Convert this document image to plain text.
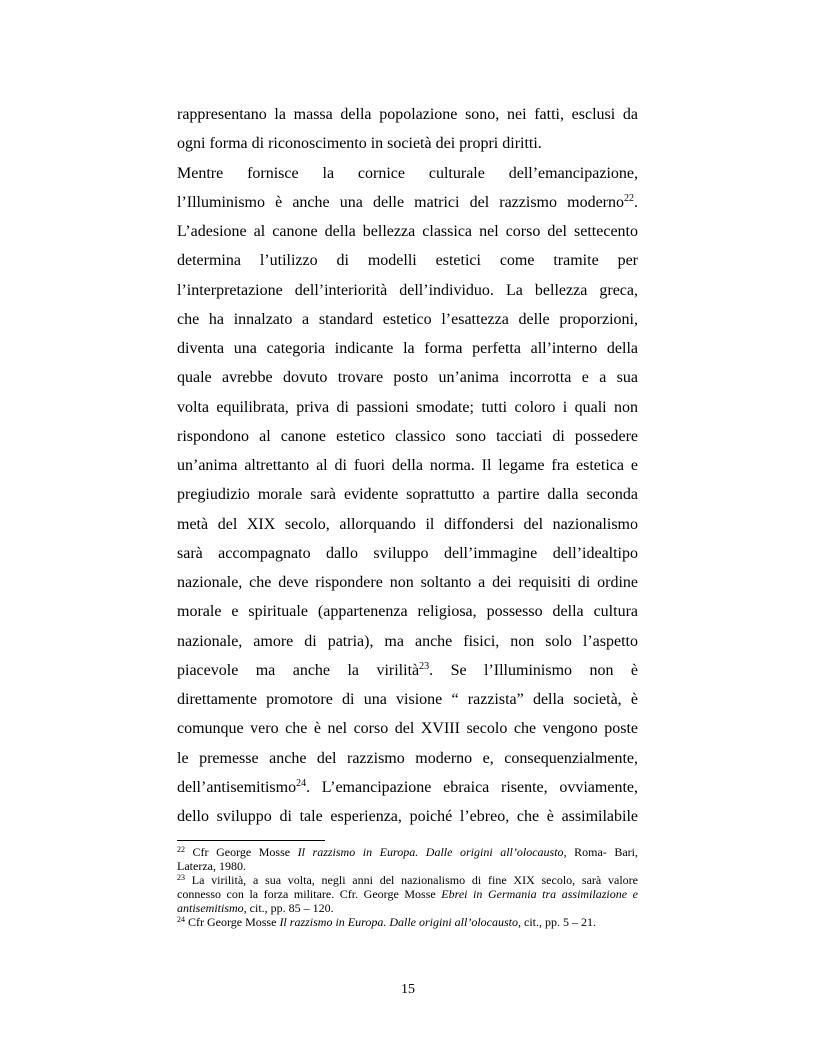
rappresentano la massa della popolazione sono, nei fatti, esclusi da
ogni forma di riconoscimento in società dei propri diritti.
Mentre fornisce la cornice culturale dell’emancipazione,
l’Illuminismo è anche una delle matrici del razzismo moderno$^{22}$.
L’adesione al canone della bellezza classica nel corso del settecento
determina l’utilizzo di modelli estetici come tramite per
l’interpretazione dell’interiorità dell’individuo. La bellezza greca,
che ha innalzato a standard estetico l’esattezza delle proporzioni,
diventa una categoria indicante la forma perfetta all’interno della
quale avrebbe dovuto trovare posto un’anima incorrotta e a sua
volta equilibrata, priva di passioni smodate; tutti coloro i quali non
rispondono al canone estetico classico sono tacciati di possedere
un’anima altrettanto al di fuori della norma. Il legame fra estetica e
pregiudizio morale sarà evidente soprattutto a partire dalla seconda
metà del XIX secolo, allorquando il diffondersi del nazionalismo
sarà accompagnato dallo sviluppo dell’immagine dell’idealtipo
nazionale, che deve rispondere non soltanto a dei requisiti di ordine
morale e spirituale (appartenenza religiosa, possesso della cultura
nazionale, amore di patria), ma anche fisici, non solo l’aspetto
piacevole ma anche la virilità$^{23}$. Se l’Illuminismo non è
direttamente promotore di una visione “ razzista” della società, è
comunque vero che è nel corso del XVIII secolo che vengono poste
le premesse anche del razzismo moderno e, consequenzialmente,
dell’antisemitismo$^{24}$. L’emancipazione ebraica risente, ovviamente,
dello sviluppo di tale esperienza, poiché l’ebreo, che è assimilabile
$^{22}$ Cfr George Mosse Il razzismo in Europa. Dalle origini all’olocausto, Roma- Bari,
Laterza, 1980.
$^{23}$ La virilità, a sua volta, negli anni del nazionalismo di fine XIX secolo, sarà valore
connesso con la forza militare. Cfr. George Mosse Ebrei in Germania tra assimilazione e
antisemitismo, cit., pp. 85 – 120.
$^{24}$ Cfr George Mosse Il razzismo in Europa. Dalle origini all’olocausto, cit., pp. 5 – 21.
15
